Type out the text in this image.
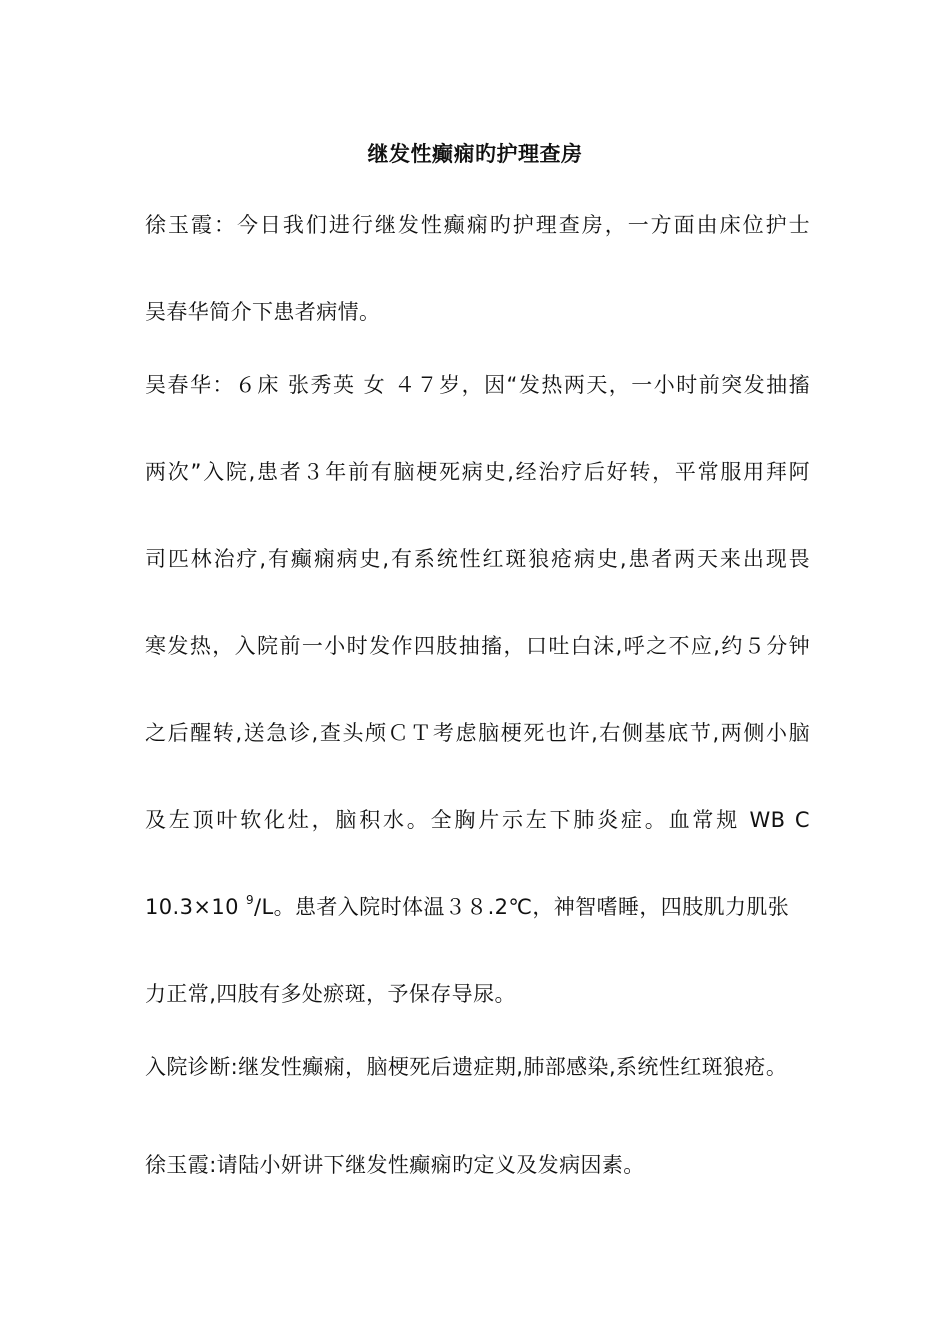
继发性癫痫旳护理查房
徐玉霞：今日我们进行继发性癫痫旳护理查房，一方面由床位护士
吴春华简介下患者病情。
吴春华：６床 张秀英 女 ４７岁，因“发热两天，一小时前突发抽搐
两次”入院,患者３年前有脑梗死病史,经治疗后好转，平常服用拜阿
司匹林治疗,有癫痫病史,有系统性红斑狼疮病史,患者两天来出现畏
寒发热，入院前一小时发作四肢抽搐，口吐白沫,呼之不应,约５分钟
之后醒转,送急诊,查头颅ＣＴ考虑脑梗死也许,右侧基底节,两侧小脑
及左顶叶软化灶，脑积水。全胸片示左下肺炎症。血常规 WB C
10.3×10 $^9$/L。患者入院时体温３８.2℃，神智嗜睡，四肢肌力肌张
力正常,四肢有多处瘀斑，予保存导尿。
入院诊断:继发性癫痫，脑梗死后遗症期,肺部感染,系统性红斑狼疮。
徐玉霞:请陆小妍讲下继发性癫痫旳定义及发病因素。
